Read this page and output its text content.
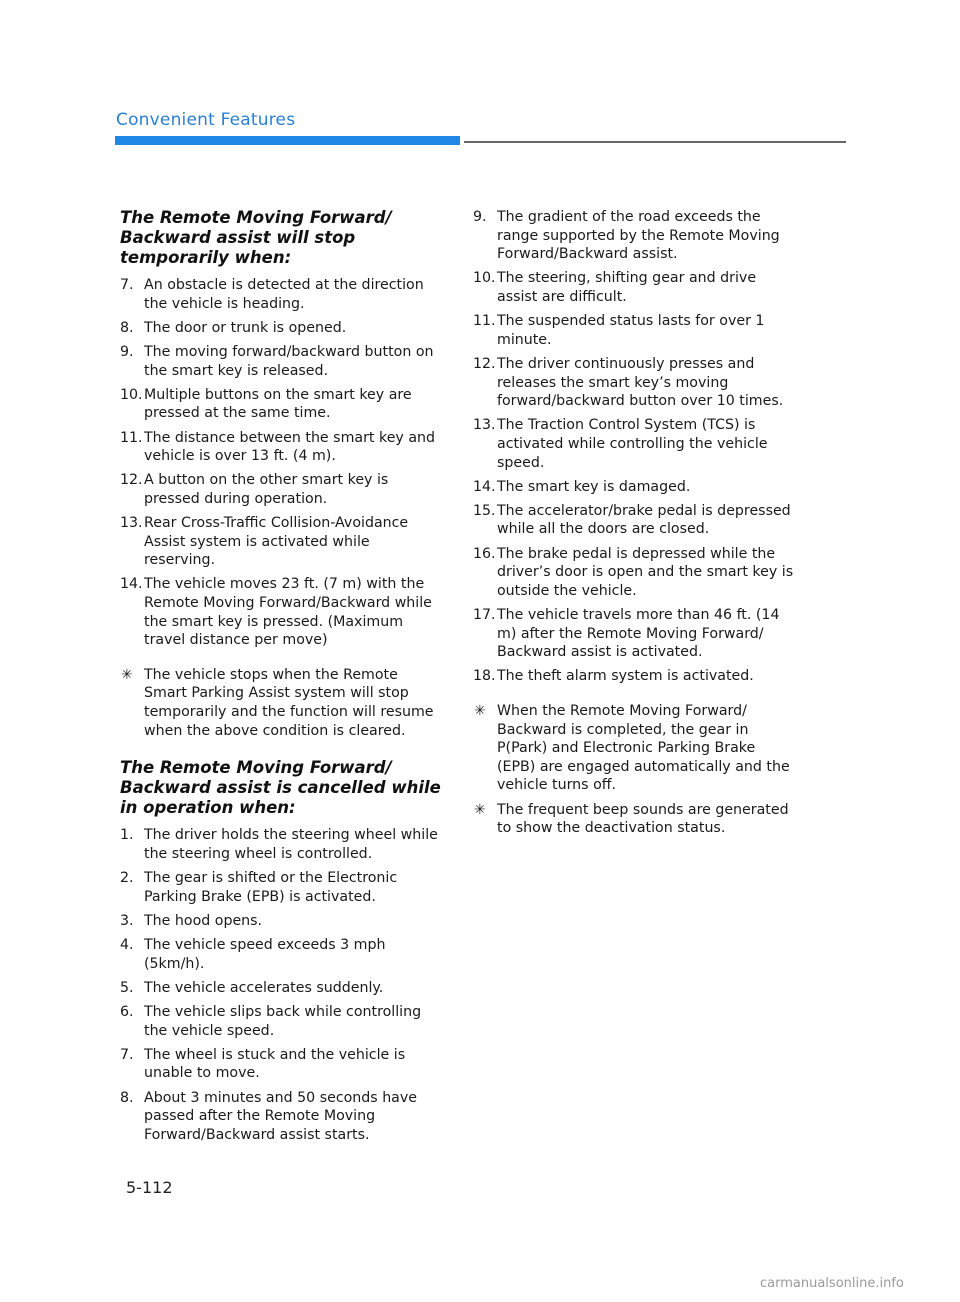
Convenient Features
The Remote Moving Forward/ Backward assist will stop temporarily when:
7. An obstacle is detected at the direction the vehicle is heading.
8. The door or trunk is opened.
9. The moving forward/backward button on the smart key is released.
10. Multiple buttons on the smart key are pressed at the same time.
11. The distance between the smart key and vehicle is over 13 ft. (4 m).
12. A button on the other smart key is pressed during operation.
13. Rear Cross-Traffic Collision-Avoidance Assist system is activated while reserving.
14. The vehicle moves 23 ft. (7 m) with the Remote Moving Forward/Backward while the smart key is pressed. (Maximum travel distance per move)
✳ The vehicle stops when the Remote Smart Parking Assist system will stop temporarily and the function will resume when the above condition is cleared.
The Remote Moving Forward/ Backward assist is cancelled while in operation when:
1. The driver holds the steering wheel while the steering wheel is controlled.
2. The gear is shifted or the Electronic Parking Brake (EPB) is activated.
3. The hood opens.
4. The vehicle speed exceeds 3 mph (5km/h).
5. The vehicle accelerates suddenly.
6. The vehicle slips back while controlling the vehicle speed.
7. The wheel is stuck and the vehicle is unable to move.
8. About 3 minutes and 50 seconds have passed after the Remote Moving Forward/Backward assist starts.
9. The gradient of the road exceeds the range supported by the Remote Moving Forward/Backward assist.
10. The steering, shifting gear and drive assist are difficult.
11. The suspended status lasts for over 1 minute.
12. The driver continuously presses and releases the smart key’s moving forward/backward button over 10 times.
13. The Traction Control System (TCS) is activated while controlling the vehicle speed.
14. The smart key is damaged.
15. The accelerator/brake pedal is depressed while all the doors are closed.
16. The brake pedal is depressed while the driver’s door is open and the smart key is outside the vehicle.
17. The vehicle travels more than 46 ft. (14 m) after the Remote Moving Forward/ Backward assist is activated.
18. The theft alarm system is activated.
✳ When the Remote Moving Forward/ Backward is completed, the gear in P(Park) and Electronic Parking Brake (EPB) are engaged automatically and the vehicle turns off.
✳ The frequent beep sounds are generated to show the deactivation status.
5-112
carmanualsonline.info
